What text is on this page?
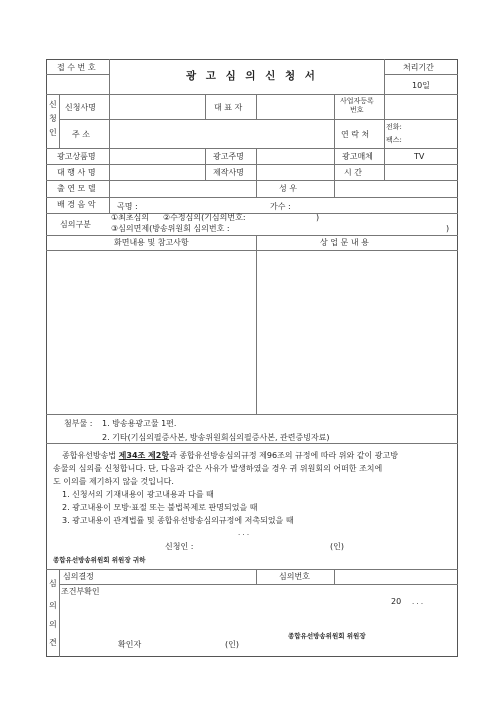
접 수 번 호
광 고 심 의 신 청 서
처리기간
10일
신
청
인
신청사명	대 표 자
사업자등록
번호
주 소	연 락 처
전화:
팩스:
광고상품명	광고주명	광고매체	TV
대 행 사 명	제작사명	시 간
출 연 모 델	성 우
배 경 음 악	곡명 :	가수 :
심의구분
①최초심의 ②수정심의(기심의번호:	)
③심의면제(방송위원회 심의번호 :	)
화면내용 및 참고사항	상 업 문 내 용
첨부물 : 1. 방송용광고물 1편.
2. 기타(기심의필증사본, 방송위원회심의필증사본, 관련증빙자료)
종합유선방송법 제34조 제2항과 종합유선방송심의규정 제96조의 규정에 따라 위와 같이 광고방
송물의 심의를 신청합니다. 단, 다음과 같은 사유가 발생하였을 경우 귀 위원회의 어떠한 조치에
도 이의를 제기하지 않을 것입니다.
1. 신청서의 기재내용이 광고내용과 다를 때
2. 광고내용이 모방·표절 또는 불법복제로 판명되었을 때
3. 광고내용이 관계법률 및 종합유선방송심의규정에 저촉되었을 때
. . .
신청인 :	(인)
종합유선방송위원회 위원장 귀하
심
의
의
견
심의결정	심의번호
조건부확인
20 . . .
확인자	(인)
종합유선방송위원회 위원장
